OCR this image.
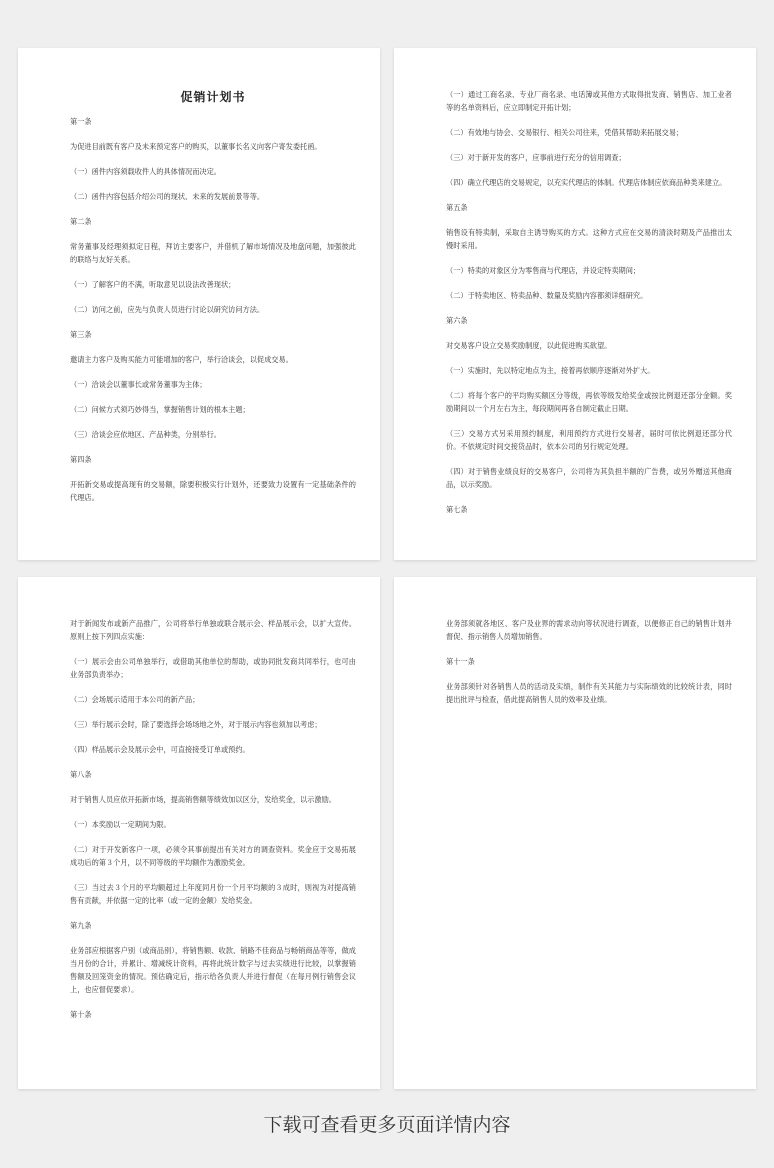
促销计划书

第一条

为促进目前既有客户及未来预定客户的购买，以董事长名义向客户寄发委托函。

（一）函件内容须载收件人的具体情况而决定。

（二）函件内容包括介绍公司的现状、未来的发展前景等等。

第二条

常务董事及经理须拟定日程，拜访主要客户，并借机了解市场情况及地盘问题，加强彼此的联络与友好关系。

（一）了解客户的不满，听取意见以设法改善现状；

（二）访问之前，应先与负责人员进行讨论以研究访问方法。

第三条

邀请主力客户及购买能力可能增加的客户，举行洽谈会，以促成交易。

（一）洽谈会以董事长或常务董事为主体；

（二）问候方式须巧妙得当，掌握销售计划的根本主题；

（三）洽谈会应依地区、产品种类，分别举行。

第四条

开拓新交易或提高现有的交易额，除要积极实行计划外，还要致力设置有一定基础条件的代理店。

（一）通过工商名录、专业厂商名录、电话簿或其他方式取得批发商、销售店、加工业者等的名单资料后，应立即制定开拓计划；

（二）有效地与协会、交易银行、相关公司往来，凭借其帮助来拓展交易；

（三）对于新开发的客户，应事前进行充分的信用调查；

（四）确立代理店的交易规定，以充实代理店的体制。代理店体制应依商品种类来建立。

第五条

销售设有特卖制，采取自主诱导购买的方式。这种方式应在交易的清淡时期及产品推出太慢时采用。

（一）特卖的对象区分为零售商与代理店，并设定特卖期间；

（二）于特卖地区、特卖品种、数量及奖励内容都须详细研究。

第六条

对交易客户设立交易奖励制度，以此促进购买欲望。

（一）实施时，先以特定地点为主，接着再依顺序逐渐对外扩大。

（二）将每个客户的平均购买额区分等级，再依等级发给奖金或按比例退还部分金额。奖励期间以一个月左右为主，每段期间再各自制定截止日期。

（三）交易方式另采用预约制度，利用预约方式进行交易者，届时可依比例退还部分代价。不依规定时间交接货品时，依本公司的另行规定处理。

（四）对于销售业绩良好的交易客户，公司将为其负担半额的广告费，或另外赠送其他商品，以示奖励。

第七条

对于新闻发布或新产品推广，公司将举行单独或联合展示会、样品展示会，以扩大宣传。原则上按下列四点实施：

（一）展示会由公司单独举行，或借助其他单位的帮助，或协同批发商共同举行，也可由业务部负责举办；

（二）会场展示适用于本公司的新产品；

（三）举行展示会时，除了要选择会场场地之外，对于展示内容也须加以考虑；

（四）样品展示会及展示会中，可直接接受订单或预约。

第八条

对于销售人员应依开拓新市场，提高销售额等绩效加以区分，发给奖金，以示激励。

（一）本奖励以一定期间为限。

（二）对于开发新客户一项，必须令其事前提出有关对方的调查资料。奖金应于交易拓展成功后的第３个月，以不同等级的平均额作为激励奖金。

（三）当过去３个月的平均额超过上年度同月份一个月平均额的３成时，则视为对提高销售有贡献，并依据一定的比率（或一定的金额）发给奖金。

第九条

业务部应根据客户别（或商品别），将销售额、收款、销路不佳商品与畅销商品等等，做成当月份的合计，并累计、增减统计资料，再将此统计数字与过去实绩进行比较，以掌握销售额及回笼资金的情况。预估确定后，指示给各负责人并进行督促（在每月例行销售会议上，也应督促要求）。

第十条

业务部须就各地区、客户及业界的需求动向等状况进行调查，以便修正自己的销售计划并督促、指示销售人员增加销售。

第十一条

业务部须针对各销售人员的活动及实绩，制作有关其能力与实际绩效的比较统计表，同时提出批评与检查，借此提高销售人员的效率及业绩。

下载可查看更多页面详情内容
